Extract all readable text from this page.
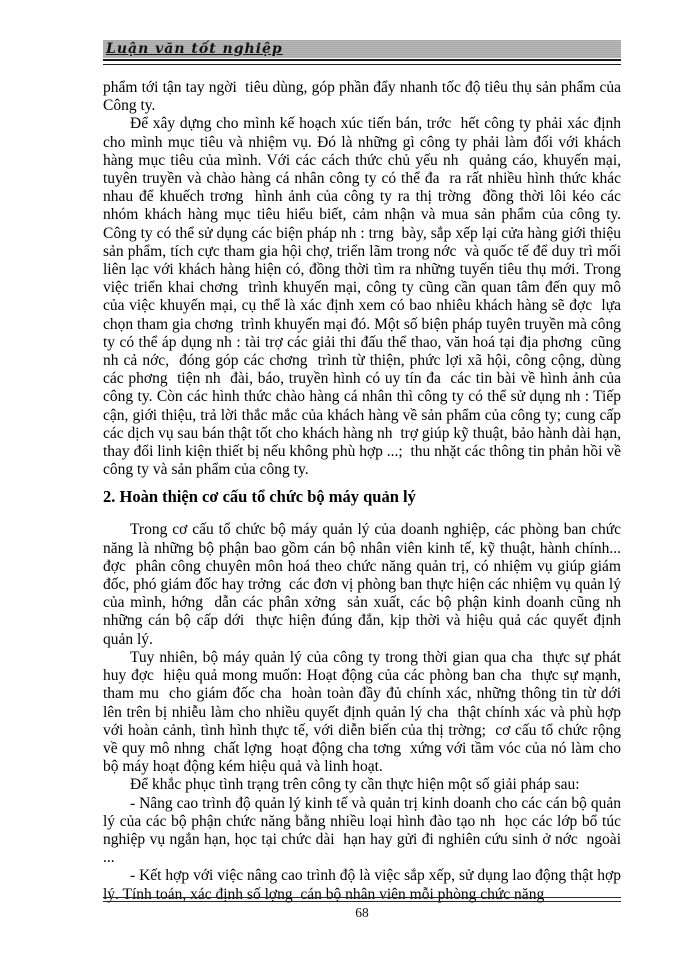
Luận văn tốt nghiệp

phẩm tới tận tay ngời  tiêu dùng, góp phần đẩy nhanh tốc độ tiêu thụ sản phẩm của Công ty.

Để xây dựng cho mình kế hoạch xúc tiến bán, trớc  hết công ty phải xác định cho mình mục tiêu và nhiệm vụ. Đó là những gì công ty phải làm đối với khách hàng mục tiêu của mình. Với các cách thức chủ yếu nh  quảng cáo, khuyến mại, tuyên truyền và chào hàng cá nhân công ty có thể đa  ra rất nhiều hình thức khác nhau để khuếch trơng  hình ảnh của công ty ra thị trờng  đồng thời lôi kéo các nhóm khách hàng mục tiêu hiểu biết, cảm nhận và mua sản phẩm của công ty. Công ty có thể sử dụng các biện pháp nh : trng  bày, sắp xếp lại cửa hàng giới thiệu sản phẩm, tích cực tham gia hội chợ, triển lãm trong nớc  và quốc tế để duy trì mối liên lạc với khách hàng hiện có, đồng thời tìm ra những tuyến tiêu thụ mới. Trong việc triển khai chơng  trình khuyến mại, công ty cũng cần quan tâm đến quy mô của việc khuyến mại, cụ thể là xác định xem có bao nhiêu khách hàng sẽ đợc  lựa chọn tham gia chơng  trình khuyến mại đó. Một số biện pháp tuyên truyền mà công ty có thể áp dụng nh : tài trợ các giải thi đấu thể thao, văn hoá tại địa phơng  cũng nh cả nớc,  đóng góp các chơng  trình từ thiện, phức lợi xã hội, công cộng, dùng các phơng  tiện nh  đài, báo, truyền hình có uy tín đa  các tin bài về hình ảnh của công ty. Còn các hình thức chào hàng cá nhân thì công ty có thể sử dụng nh : Tiếp cận, giới thiệu, trả lời thắc mắc của khách hàng về sản phẩm của công ty; cung cấp các dịch vụ sau bán thật tốt cho khách hàng nh  trợ giúp kỹ thuật, bảo hành dài hạn, thay đổi linh kiện thiết bị nếu không phù hợp ...;  thu nhặt các thông tin phản hồi về công ty và sản phẩm của công ty.

2. Hoàn thiện cơ cấu tổ chức bộ máy quản lý

Trong cơ cấu tổ chức bộ máy quản lý của doanh nghiệp, các phòng ban chức năng là những bộ phận bao gồm cán bộ nhân viên kinh tế, kỹ thuật, hành chính... đợc  phân công chuyên môn hoá theo chức năng quản trị, có nhiệm vụ giúp giám đốc, phó giám đốc hay trởng  các đơn vị phòng ban thực hiện các nhiệm vụ quản lý của mình, hớng  dẫn các phân xởng  sản xuất, các bộ phận kinh doanh cũng nh  những cán bộ cấp dới  thực hiện đúng đắn, kịp thời và hiệu quả các quyết định quản lý.

Tuy nhiên, bộ máy quản lý của công ty trong thời gian qua cha  thực sự phát huy đợc  hiệu quả mong muốn: Hoạt động của các phòng ban cha  thực sự mạnh, tham mu  cho giám đốc cha  hoàn toàn đầy đủ chính xác, những thông tin từ dới  lên trên bị nhiễu làm cho nhiều quyết định quản lý cha  thật chính xác và phù hợp với hoàn cảnh, tình hình thực tế, với diễn biến của thị trờng;  cơ cấu tổ chức rộng về quy mô nhng  chất lợng  hoạt động cha tơng  xứng với tầm vóc của nó làm cho bộ máy hoạt động kém hiệu quả và linh hoạt.

Để khắc phục tình trạng trên công ty cần thực hiện một số giải pháp sau:

- Nâng cao trình độ quản lý kinh tế và quản trị kinh doanh cho các cán bộ quản lý của các bộ phận chức năng bằng nhiều loại hình đào tạo nh  học các lớp bổ túc nghiệp vụ ngắn hạn, học tại chức dài  hạn hay gửi đi nghiên cứu sinh ở nớc  ngoài ...

- Kết hợp với việc nâng cao trình độ là việc sắp xếp, sử dụng lao động thật hợp lý. Tính toán, xác định số lợng  cán bộ nhân viên mỗi phòng chức năng

68
